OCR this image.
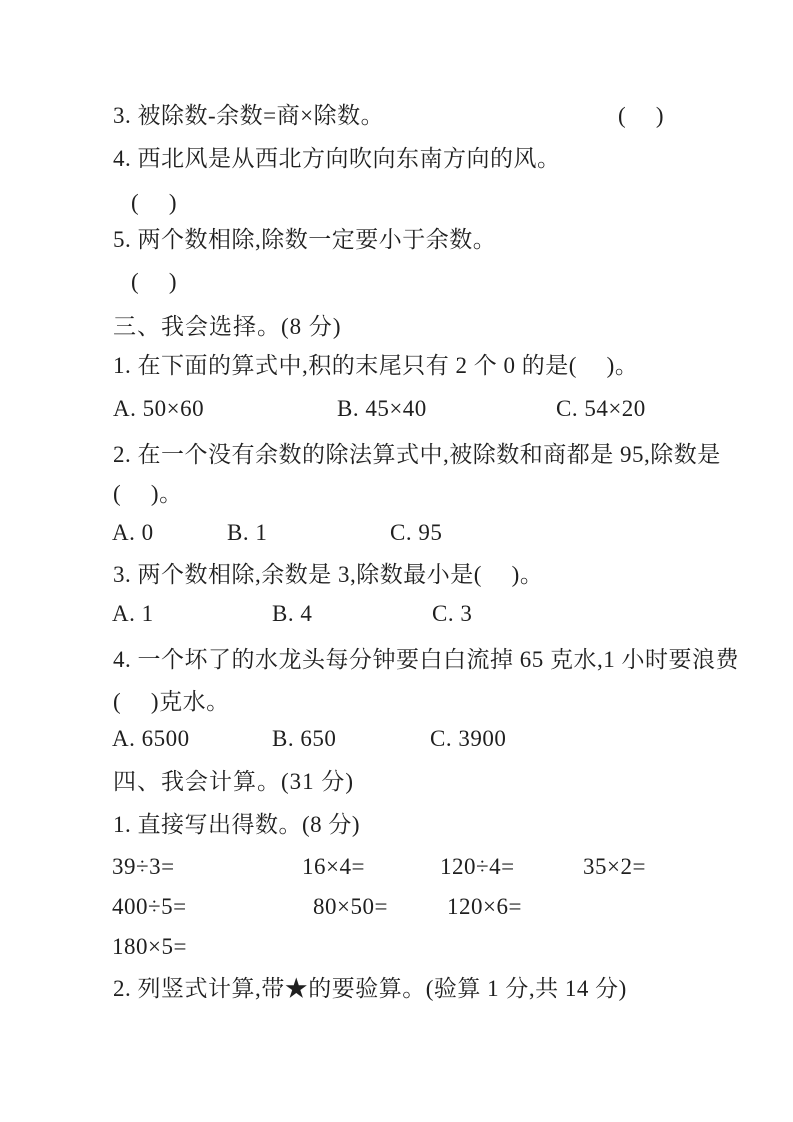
3. 被除数-余数=商×除数。	(　 )
4. 西北风是从西北方向吹向东南方向的风。
(　 )
5. 两个数相除,除数一定要小于余数。
(　 )
三、我会选择。(8 分)
1. 在下面的算式中,积的末尾只有 2 个 0 的是(　 )。
A. 50×60	B. 45×40	C. 54×20
2. 在一个没有余数的除法算式中,被除数和商都是 95,除数是
(　 )。
A. 0	B. 1	C. 95
3. 两个数相除,余数是 3,除数最小是(　 )。
A. 1	B. 4	C. 3
4. 一个坏了的水龙头每分钟要白白流掉 65 克水,1 小时要浪费
(　 )克水。
A. 6500	B. 650	C. 3900
四、我会计算。(31 分)
1. 直接写出得数。(8 分)
39÷3=	16×4=	120÷4=	35×2=
400÷5=	80×50=	120×6=
180×5=
2. 列竖式计算,带★的要验算。(验算 1 分,共 14 分)
